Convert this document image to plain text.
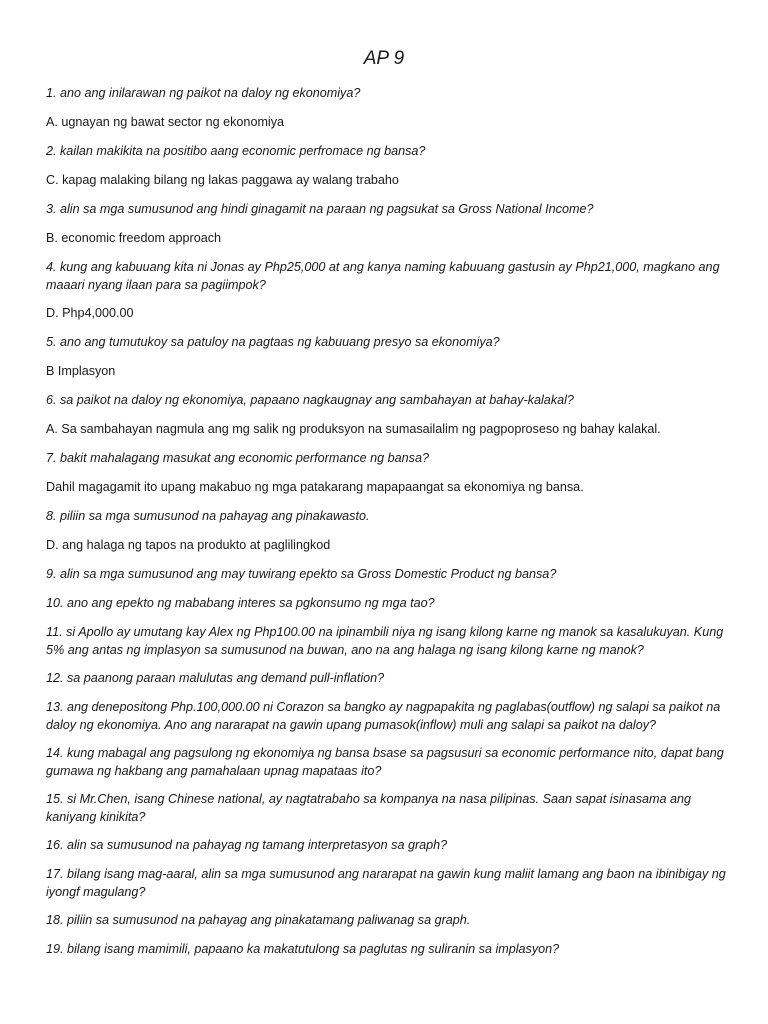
AP 9

1. ano ang inilarawan ng paikot na daloy ng ekonomiya?

A. ugnayan ng bawat sector ng ekonomiya

2. kailan makikita na positibo aang economic perfromace ng bansa?

C. kapag malaking bilang ng lakas paggawa ay walang trabaho

3. alin sa mga sumusunod ang hindi ginagamit na paraan ng pagsukat sa Gross National Income?

B. economic freedom approach

4. kung ang kabuuang kita ni Jonas ay Php25,000 at ang kanya naming kabuuang gastusin ay Php21,000, magkano ang maaari nyang ilaan para sa pagiimpok?

D. Php4,000.00

5. ano ang tumutukoy sa patuloy na pagtaas ng kabuuang presyo sa ekonomiya?

B Implasyon

6. sa paikot na daloy ng ekonomiya, papaano nagkaugnay ang sambahayan at bahay-kalakal?

A. Sa sambahayan nagmula ang mg salik ng produksyon na sumasailalim ng pagpoproseso ng bahay kalakal.

7. bakit mahalagang masukat ang economic performance ng bansa?

Dahil magagamit ito upang makabuo ng mga patakarang mapapaangat sa ekonomiya ng bansa.

8. piliin sa mga sumusunod na pahayag ang pinakawasto.

D. ang halaga ng tapos na produkto at paglilingkod

9. alin sa mga sumusunod ang may tuwirang epekto sa Gross Domestic Product ng bansa?

10. ano ang epekto ng mababang interes sa pgkonsumo ng mga tao?

11. si Apollo ay umutang kay Alex ng Php100.00 na ipinambili niya ng isang kilong karne ng manok sa kasalukuyan. Kung 5% ang antas ng implasyon sa sumusunod na buwan, ano na ang halaga ng isang kilong karne ng manok?

12. sa paanong paraan malulutas ang demand pull-inflation?

13. ang denepositong Php.100,000.00 ni Corazon sa bangko ay nagpapakita ng paglabas(outflow) ng salapi sa paikot na daloy ng ekonomiya. Ano ang nararapat na gawin upang pumasok(inflow) muli ang salapi sa paikot na daloy?

14. kung mabagal ang pagsulong ng ekonomiya ng bansa bsase sa pagsusuri sa economic performance nito, dapat bang gumawa ng hakbang ang pamahalaan upnag mapataas ito?

15. si Mr.Chen, isang Chinese national, ay nagtatrabaho sa kompanya na nasa pilipinas. Saan sapat isinasama ang kaniyang kinikita?

16. alin sa sumusunod na pahayag ng tamang interpretasyon sa graph?

17. bilang isang mag-aaral, alin sa mga sumusunod ang nararapat na gawin kung maliit lamang ang baon na ibinibigay ng iyongf magulang?

18. piliin sa sumusunod na pahayag ang pinakatamang paliwanag sa graph.

19. bilang isang mamimili, papaano ka makatutulong sa paglutas ng suliranin sa implasyon?
